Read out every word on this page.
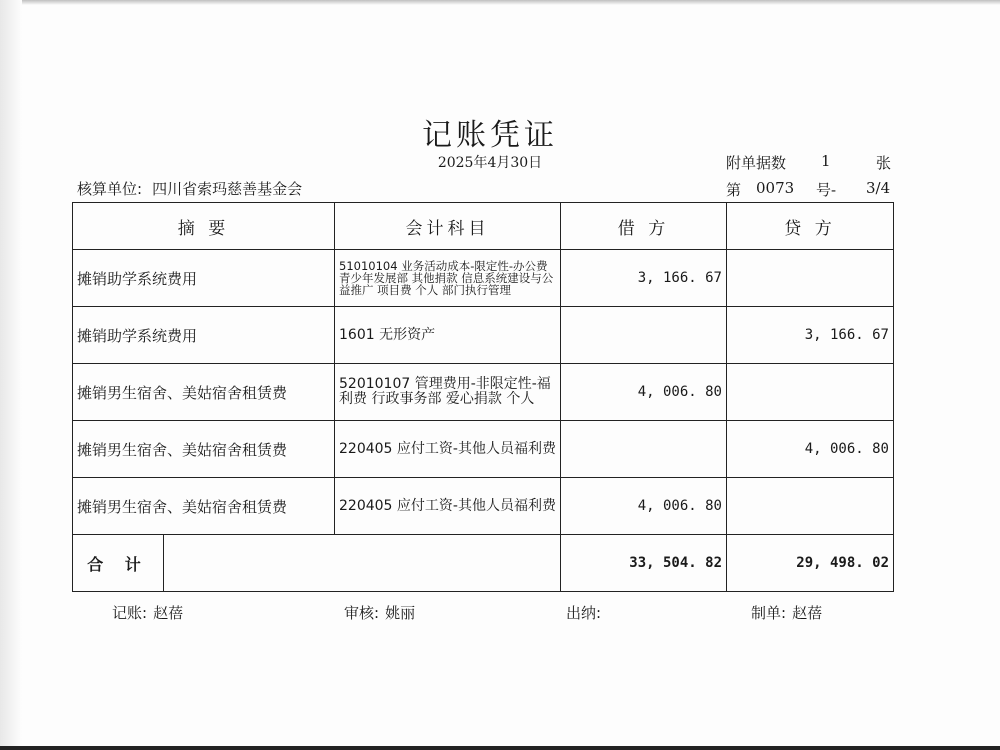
记账凭证
2025年4月30日	附单据数 1	张
第 0073 号- 3/4
核算单位: 四川省索玛慈善基金会
摘 要	会计科目	借 方	贷 方
摊销助学系统费用	51010104 业务活动成本-限定性-办公费 青少年发展部 其他捐款 信息系统建设与公益推广 项目费 个人 部门执行管理	3, 166. 67	
摊销助学系统费用	1601 无形资产		3, 166. 67
摊销男生宿舍、美姑宿舍租赁费	52010107 管理费用-非限定性-福利费 行政事务部 爱心捐款 个人	4, 006. 80	
摊销男生宿舍、美姑宿舍租赁费	220405 应付工资-其他人员福利费		4, 006. 80
摊销男生宿舍、美姑宿舍租赁费	220405 应付工资-其他人员福利费	4, 006. 80	

合 计		33, 504. 82	29, 498. 02
记账: 赵蓓	审核: 姚丽	出纳:	制单: 赵蓓
